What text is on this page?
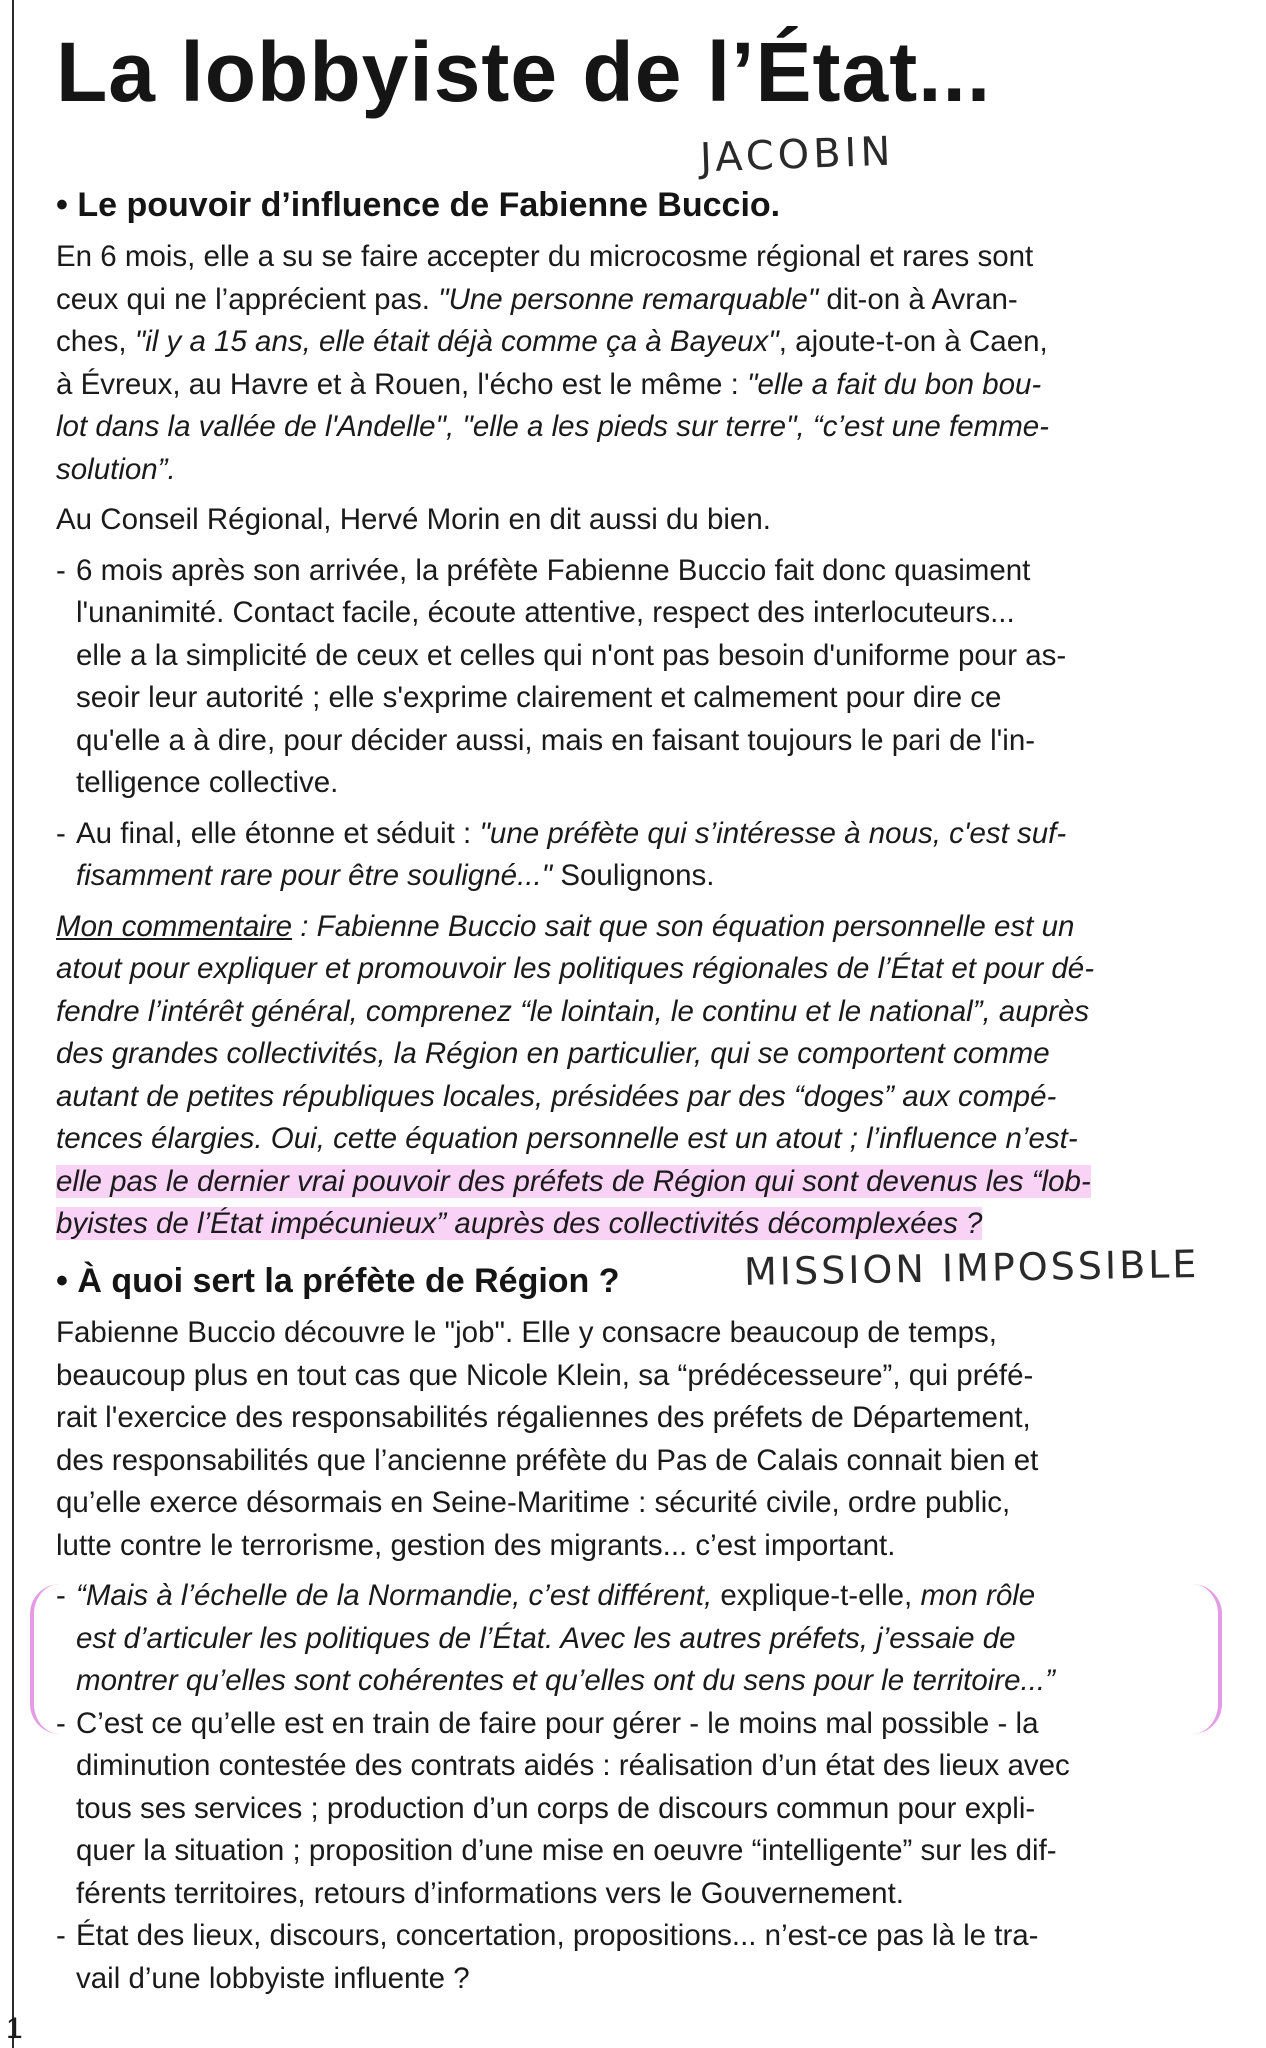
La lobbyiste de l’État...
JACOBIN
• Le pouvoir d’influence de Fabienne Buccio.

En 6 mois, elle a su se faire accepter du microcosme régional et rares sont
ceux qui ne l’apprécient pas. "Une personne remarquable" dit-on à Avran-
ches, "il y a 15 ans, elle était déjà comme ça à Bayeux", ajoute-t-on à Caen,
à Évreux, au Havre et à Rouen, l'écho est le même : "elle a fait du bon bou-
lot dans la vallée de l'Andelle", "elle a les pieds sur terre", “c’est une femme-
solution”.

Au Conseil Régional, Hervé Morin en dit aussi du bien.

- 6 mois après son arrivée, la préfète Fabienne Buccio fait donc quasiment
l'unanimité. Contact facile, écoute attentive, respect des interlocuteurs...
elle a la simplicité de ceux et celles qui n'ont pas besoin d'uniforme pour as-
seoir leur autorité ; elle s'exprime clairement et calmement pour dire ce
qu'elle a à dire, pour décider aussi, mais en faisant toujours le pari de l'in-
telligence collective.

- Au final, elle étonne et séduit : "une préfète qui s’intéresse à nous, c'est suf-
fisamment rare pour être souligné..." Soulignons.

Mon commentaire : Fabienne Buccio sait que son équation personnelle est un
atout pour expliquer et promouvoir les politiques régionales de l’État et pour dé-
fendre l’intérêt général, comprenez “le lointain, le continu et le national”, auprès
des grandes collectivités, la Région en particulier, qui se comportent comme
autant de petites républiques locales, présidées par des “doges” aux compé-
tences élargies. Oui, cette équation personnelle est un atout ; l’influence n’est-
elle pas le dernier vrai pouvoir des préfets de Région qui sont devenus les “lob-
byistes de l’État impécunieux” auprès des collectivités décomplexées ?

• À quoi sert la préfète de Région ?	MISSION IMPOSSIBLE

Fabienne Buccio découvre le "job". Elle y consacre beaucoup de temps,
beaucoup plus en tout cas que Nicole Klein, sa “prédécesseure”, qui préfé-
rait l'exercice des responsabilités régaliennes des préfets de Département,
des responsabilités que l’ancienne préfète du Pas de Calais connait bien et
qu’elle exerce désormais en Seine-Maritime : sécurité civile, ordre public,
lutte contre le terrorisme, gestion des migrants... c’est important.

- “Mais à l’échelle de la Normandie, c’est différent, explique-t-elle, mon rôle
est d’articuler les politiques de l’État. Avec les autres préfets, j’essaie de
montrer qu’elles sont cohérentes et qu’elles ont du sens pour le territoire...”

- C’est ce qu’elle est en train de faire pour gérer - le moins mal possible - la
diminution contestée des contrats aidés : réalisation d’un état des lieux avec
tous ses services ; production d’un corps de discours commun pour expli-
quer la situation ; proposition d’une mise en oeuvre “intelligente” sur les dif-
férents territoires, retours d’informations vers le Gouvernement.

- État des lieux, discours, concertation, propositions... n’est-ce pas là le tra-
vail d’une lobbyiste influente ?

1
